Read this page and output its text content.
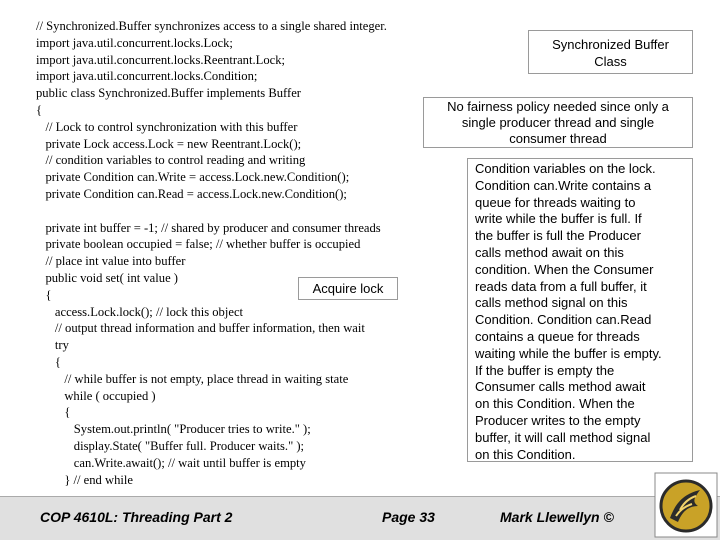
// Synchronized.Buffer synchronizes access to a single shared integer.
import java.util.concurrent.locks.Lock;
import java.util.concurrent.locks.Reentrant.Lock;
import java.util.concurrent.locks.Condition;
public class Synchronized.Buffer implements Buffer
{
// Lock to control synchronization with this buffer
private Lock access.Lock = new Reentrant.Lock();
// condition variables to control reading and writing
private Condition can.Write = access.Lock.new.Condition();
private Condition can.Read = access.Lock.new.Condition();
private int buffer = -1; // shared by producer and consumer threads
private boolean occupied = false; // whether buffer is occupied
// place int value into buffer
public void set( int value )
{
access.Lock.lock(); // lock this object
// output thread information and buffer information, then wait
try
{
// while buffer is not empty, place thread in waiting state
while ( occupied )
{
System.out.println( "Producer tries to write." );
display.State( "Buffer full. Producer waits." );
can.Write.await(); // wait until buffer is empty
} // end while
Synchronized Buffer
Class
No fairness policy needed since only a
single producer thread and single
consumer thread
Condition variables on the lock.
Condition can.Write contains a
queue for threads waiting to
write while the buffer is full. If
the buffer is full the Producer
calls method await on this
condition. When the Consumer
reads data from a full buffer, it
calls method signal on this
Condition. Condition can.Read
contains a queue for threads
waiting while the buffer is empty.
If the buffer is empty the
Consumer calls method await
on this Condition. When the
Producer writes to the empty
buffer, it will call method signal
on this Condition.
Acquire lock
COP 4610L: Threading Part 2	Page 33	Mark Llewellyn ©
